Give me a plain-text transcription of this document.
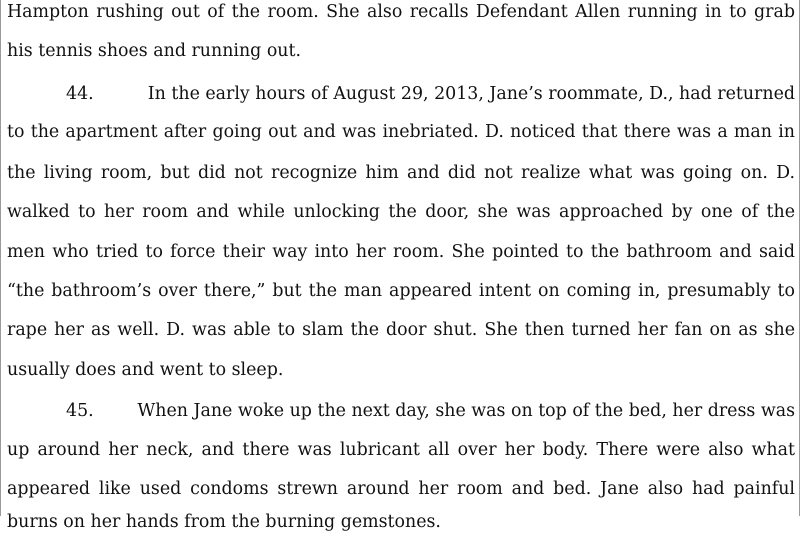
Hampton rushing out of the room. She also recalls Defendant Allen running in to grab
his tennis shoes and running out.
44.	In the early hours of August 29, 2013, Jane’s roommate, D., had returned
to the apartment after going out and was inebriated. D. noticed that there was a man in
the living room, but did not recognize him and did not realize what was going on. D.
walked to her room and while unlocking the door, she was approached by one of the
men who tried to force their way into her room. She pointed to the bathroom and said
“the bathroom’s over there,” but the man appeared intent on coming in, presumably to
rape her as well. D. was able to slam the door shut. She then turned her fan on as she
usually does and went to sleep.
45.	When Jane woke up the next day, she was on top of the bed, her dress was
up around her neck, and there was lubricant all over her body. There were also what
appeared like used condoms strewn around her room and bed. Jane also had painful
burns on her hands from the burning gemstones.
